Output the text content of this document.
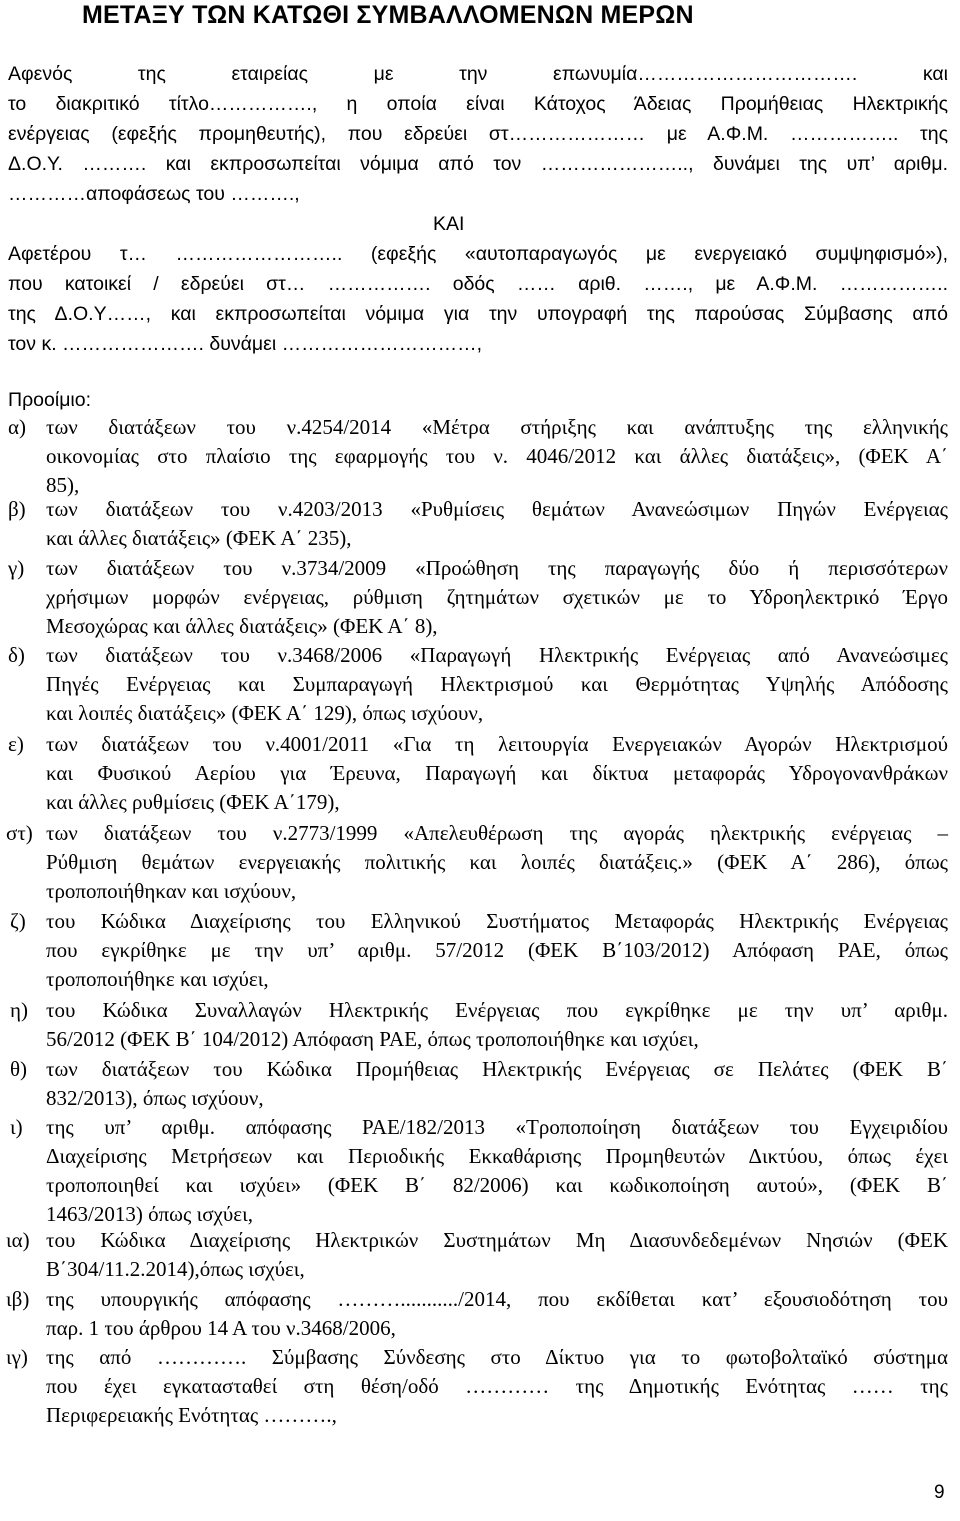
ΜΕΤΑΞΥ ΤΩΝ ΚΑΤΩΘΙ ΣΥΜΒΑΛΛΟΜΕΝΩΝ ΜΕΡΩΝ
Αφενός της εταιρείας με την επωνυμία……………………………. και
το διακριτικό τίτλο……………., η οποία είναι Κάτοχος Άδειας Προμήθειας Ηλεκτρικής
ενέργειας (εφεξής προμηθευτής), που εδρεύει στ………………… με Α.Φ.Μ. …………….. της
Δ.Ο.Υ. ………. και εκπροσωπείται νόμιμα από τον ………………….., δυνάμει της υπ’ αριθμ.
…………αποφάσεως του ……….,
ΚΑΙ
Αφετέρου τ… …………………….. (εφεξής «αυτοπαραγωγός με ενεργειακό συμψηφισμό»),
που κατοικεί / εδρεύει στ… ……………. οδός …… αριθ. ……., με Α.Φ.Μ. ……………..
της Δ.Ο.Υ……, και εκπροσωπείται νόμιμα για την υπογραφή της παρούσας Σύμβασης από
τον κ. …………………. δυνάμει …………………………,
Προοίμιο:
α) των διατάξεων του ν.4254/2014 «Μέτρα στήριξης και ανάπτυξης της ελληνικής
οικονομίας στο πλαίσιο της εφαρμογής του ν. 4046/2012 και άλλες διατάξεις», (ΦΕΚ Α΄
85),
β) των διατάξεων του ν.4203/2013 «Ρυθμίσεις θεμάτων Ανανεώσιμων Πηγών Ενέργειας
και άλλες διατάξεις» (ΦΕΚ Α΄ 235),
γ) των διατάξεων του ν.3734/2009 «Προώθηση της παραγωγής δύο ή περισσότερων
χρήσιμων μορφών ενέργειας, ρύθμιση ζητημάτων σχετικών με το Υδροηλεκτρικό Έργο
Μεσοχώρας και άλλες διατάξεις» (ΦΕΚ Α΄ 8),
δ) των διατάξεων του ν.3468/2006 «Παραγωγή Ηλεκτρικής Ενέργειας από Ανανεώσιμες
Πηγές Ενέργειας και Συμπαραγωγή Ηλεκτρισμού και Θερμότητας Υψηλής Απόδοσης
και λοιπές διατάξεις» (ΦΕΚ Α΄ 129), όπως ισχύουν,
ε) των διατάξεων του ν.4001/2011 «Για τη λειτουργία Ενεργειακών Αγορών Ηλεκτρισμού
και Φυσικού Αερίου για Έρευνα, Παραγωγή και δίκτυα μεταφοράς Υδρογονανθράκων
και άλλες ρυθμίσεις (ΦΕΚ Α΄179),
στ) των διατάξεων του ν.2773/1999 «Απελευθέρωση της αγοράς ηλεκτρικής ενέργειας –
Ρύθμιση θεμάτων ενεργειακής πολιτικής και λοιπές διατάξεις.» (ΦΕΚ Α΄ 286), όπως
τροποποιήθηκαν και ισχύουν,
ζ) του Κώδικα Διαχείρισης του Ελληνικού Συστήματος Μεταφοράς Ηλεκτρικής Ενέργειας
που εγκρίθηκε με την υπ’ αριθμ. 57/2012 (ΦΕΚ Β΄103/2012) Απόφαση ΡΑΕ, όπως
τροποποιήθηκε και ισχύει,
η) του Κώδικα Συναλλαγών Ηλεκτρικής Ενέργειας που εγκρίθηκε με την υπ’ αριθμ.
56/2012 (ΦΕΚ Β΄ 104/2012) Απόφαση ΡΑΕ, όπως τροποποιήθηκε και ισχύει,
θ) των διατάξεων του Κώδικα Προμήθειας Ηλεκτρικής Ενέργειας σε Πελάτες (ΦΕΚ Β΄
832/2013), όπως ισχύουν,
ι) της υπ’ αριθμ. απόφασης ΡΑΕ/182/2013 «Τροποποίηση διατάξεων του Εγχειριδίου
Διαχείρισης Μετρήσεων και Περιοδικής Εκκαθάρισης Προμηθευτών Δικτύου, όπως έχει
τροποποιηθεί και ισχύει» (ΦΕΚ Β΄ 82/2006) και κωδικοποίηση αυτού», (ΦΕΚ Β΄
1463/2013) όπως ισχύει,
ια) του Κώδικα Διαχείρισης Ηλεκτρικών Συστημάτων Μη Διασυνδεδεμένων Νησιών (ΦΕΚ
Β΄304/11.2.2014),όπως ισχύει,
ιβ) της υπουργικής απόφασης ……….........../2014, που εκδίθεται κατ’ εξουσιοδότηση του
παρ. 1 του άρθρου 14 Α του ν.3468/2006,
ιγ) της από …………. Σύμβασης Σύνδεσης στο Δίκτυο για το φωτοβολταϊκό σύστημα
που έχει εγκατασταθεί στη θέση/οδό ………… της Δημοτικής Ενότητας …… της
Περιφερειακής Ενότητας ……….,
9
